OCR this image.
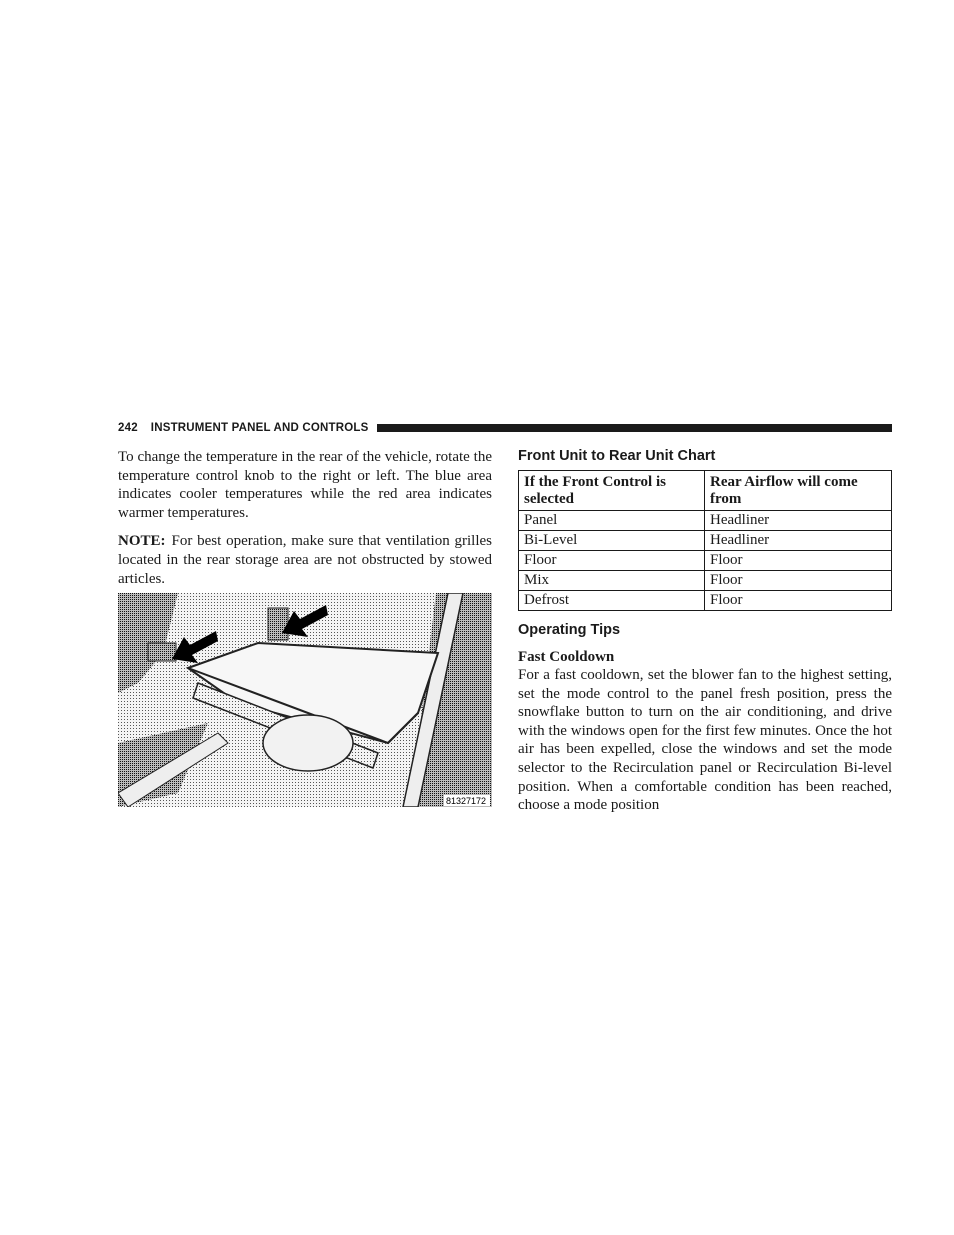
242 INSTRUMENT PANEL AND CONTROLS

To change the temperature in the rear of the vehicle, rotate the temperature control knob to the right or left. The blue area indicates cooler temperatures while the red area indicates warmer temperatures.

NOTE: For best operation, make sure that ventilation grilles located in the rear storage area are not obstructed by stowed articles.

81327172
Front Unit to Rear Unit Chart
If the Front Control is selected	Rear Airflow will come from
Panel	Headliner
Bi-Level	Headliner
Floor	Floor
Mix	Floor
Defrost	Floor
Operating Tips
Fast Cooldown

For a fast cooldown, set the blower fan to the highest setting, set the mode control to the panel fresh position, press the snowflake button to turn on the air conditioning, and drive with the windows open for the first few minutes. Once the hot air has been expelled, close the windows and set the mode selector to the Recirculation panel or Recirculation Bi-level position. When a comfortable condition has been reached, choose a mode position
